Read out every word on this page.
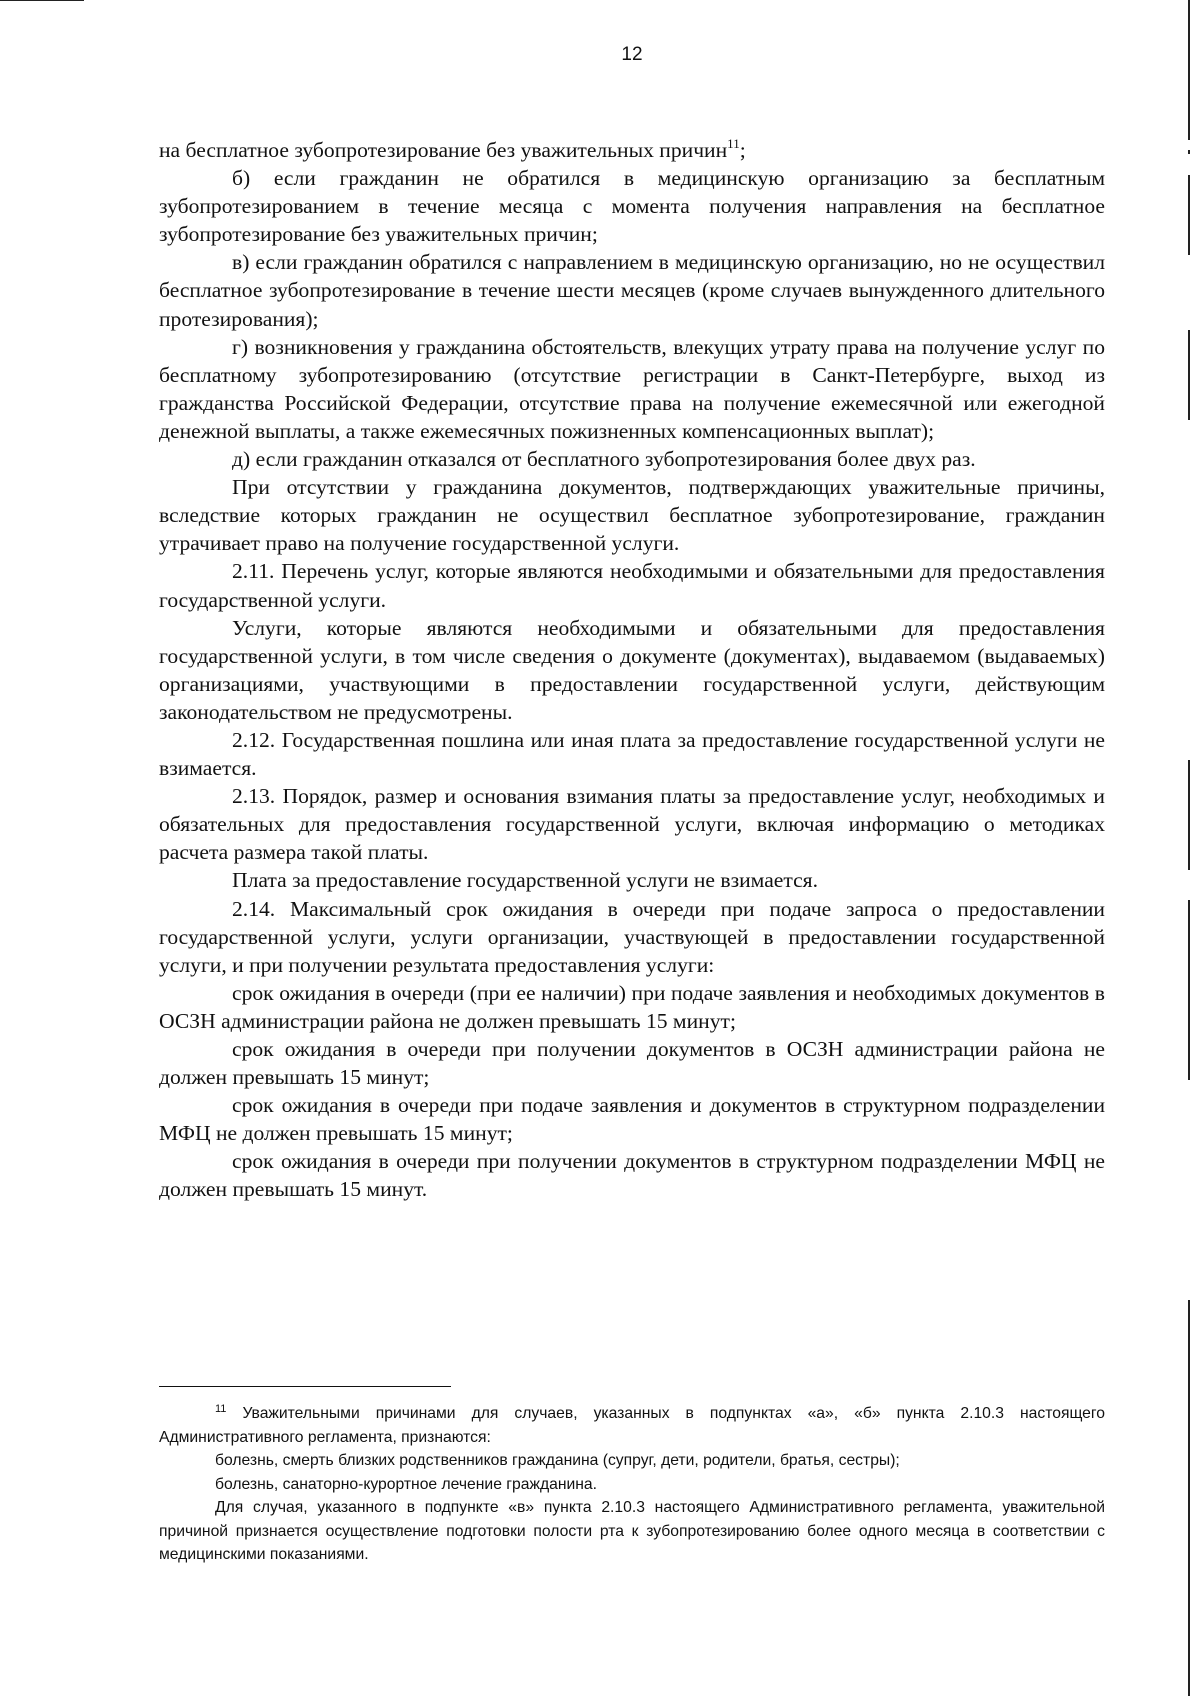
12

на бесплатное зубопротезирование без уважительных причин$^{11}$;

б) если гражданин не обратился в медицинскую организацию за бесплатным зубопротезированием в течение месяца с момента получения направления на бесплатное зубопротезирование без уважительных причин;

в) если гражданин обратился с направлением в медицинскую организацию, но не осуществил бесплатное зубопротезирование в течение шести месяцев (кроме случаев вынужденного длительного протезирования);

г) возникновения у гражданина обстоятельств, влекущих утрату права на получение услуг по бесплатному зубопротезированию (отсутствие регистрации в Санкт-Петербурге, выход из гражданства Российской Федерации, отсутствие права на получение ежемесячной или ежегодной денежной выплаты, а также ежемесячных пожизненных компенсационных выплат);

д) если гражданин отказался от бесплатного зубопротезирования более двух раз.

При отсутствии у гражданина документов, подтверждающих уважительные причины, вследствие которых гражданин не осуществил бесплатное зубопротезирование, гражданин утрачивает право на получение государственной услуги.

2.11. Перечень услуг, которые являются необходимыми и обязательными для предоставления государственной услуги.

Услуги, которые являются необходимыми и обязательными для предоставления государственной услуги, в том числе сведения о документе (документах), выдаваемом (выдаваемых) организациями, участвующими в предоставлении государственной услуги, действующим законодательством не предусмотрены.

2.12. Государственная пошлина или иная плата за предоставление государственной услуги не взимается.

2.13. Порядок, размер и основания взимания платы за предоставление услуг, необходимых и обязательных для предоставления государственной услуги, включая информацию о методиках расчета размера такой платы.

Плата за предоставление государственной услуги не взимается.

2.14. Максимальный срок ожидания в очереди при подаче запроса о предоставлении государственной услуги, услуги организации, участвующей в предоставлении государственной услуги, и при получении результата предоставления услуги:

срок ожидания в очереди (при ее наличии) при подаче заявления и необходимых документов в ОСЗН администрации района не должен превышать 15 минут;

срок ожидания в очереди при получении документов в ОСЗН администрации района не должен превышать 15 минут;

срок ожидания в очереди при подаче заявления и документов в структурном подразделении МФЦ не должен превышать 15 минут;

срок ожидания в очереди при получении документов в структурном подразделении МФЦ не должен превышать 15 минут.

$^{11}$ Уважительными причинами для случаев, указанных в подпунктах «а», «б» пункта 2.10.3 настоящего Административного регламента, признаются:

болезнь, смерть близких родственников гражданина (супруг, дети, родители, братья, сестры);

болезнь, санаторно-курортное лечение гражданина.

Для случая, указанного в подпункте «в» пункта 2.10.3 настоящего Административного регламента, уважительной причиной признается осуществление подготовки полости рта к зубопротезированию более одного месяца в соответствии с медицинскими показаниями.
